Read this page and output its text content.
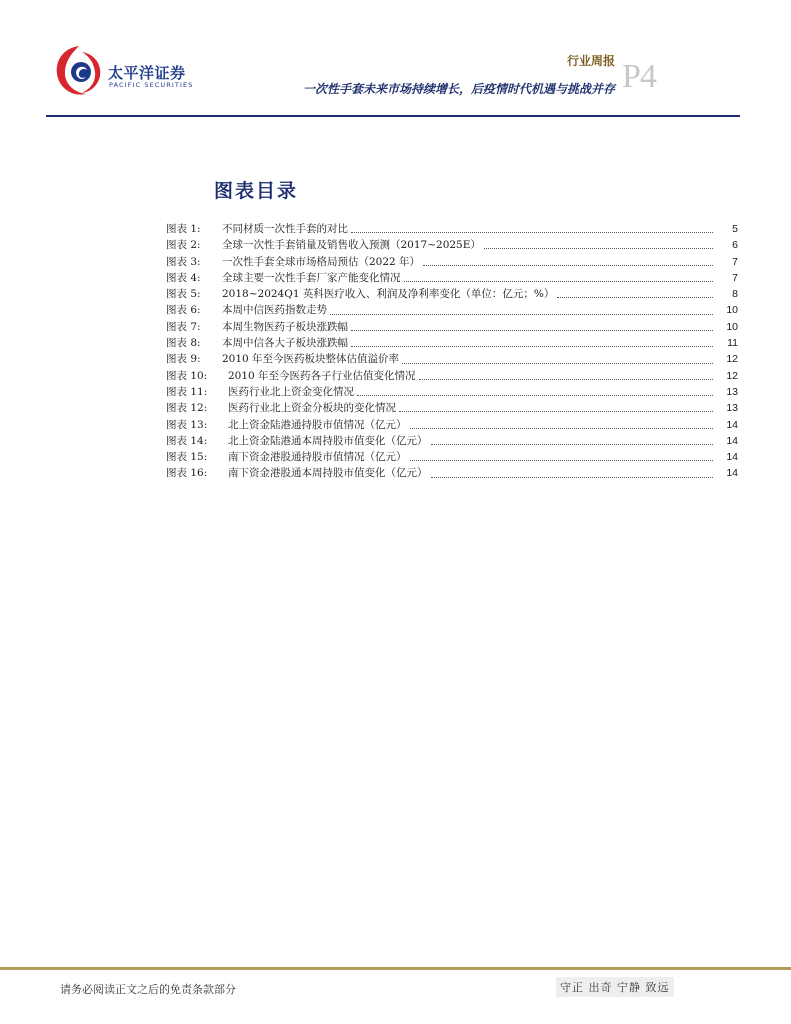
太平洋证券
PACIFIC SECURITIES
行业周报
一次性手套未来市场持续增长，后疫情时代机遇与挑战并存 P4
图表目录
图表 1:	不同材质一次性手套的对比	5
图表 2:	全球一次性手套销量及销售收入预测（2017~2025E）	6
图表 3:	一次性手套全球市场格局预估（2022 年）	7
图表 4:	全球主要一次性手套厂家产能变化情况	7
图表 5:	2018~2024Q1 英科医疗收入、利润及净利率变化（单位：亿元；%）	8
图表 6:	本周中信医药指数走势	10
图表 7:	本周生物医药子板块涨跌幅	10
图表 8:	本周中信各大子板块涨跌幅	11
图表 9:	2010 年至今医药板块整体估值溢价率	12
图表 10:	2010 年至今医药各子行业估值变化情况	12
图表 11:	医药行业北上资金变化情况	13
图表 12:	医药行业北上资金分板块的变化情况	13
图表 13:	北上资金陆港通持股市值情况（亿元）	14
图表 14:	北上资金陆港通本周持股市值变化（亿元）	14
图表 15:	南下资金港股通持股市值情况（亿元）	14
图表 16:	南下资金港股通本周持股市值变化（亿元）	14
请务必阅读正文之后的免责条款部分	守正 出奇 宁静 致远
